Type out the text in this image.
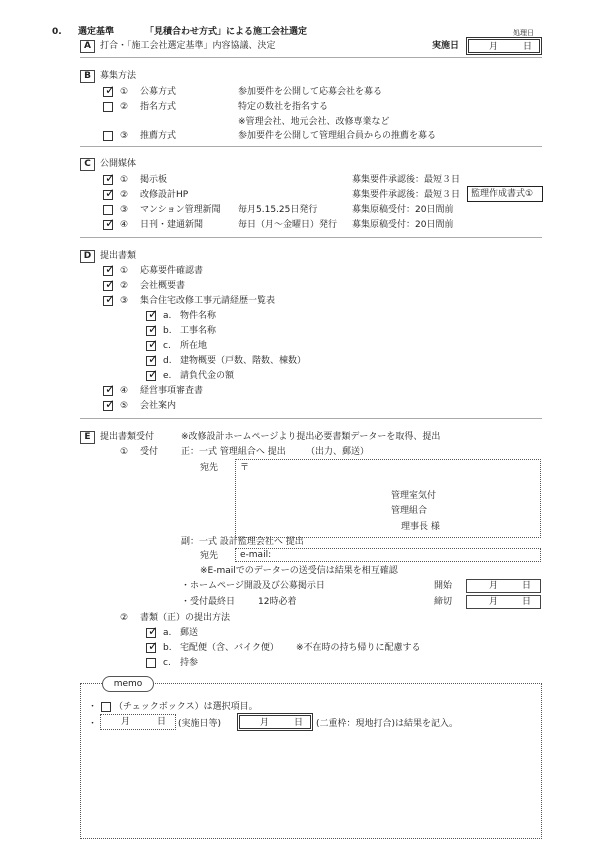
0. 選定基準	「見積合わせ方式」による施工会社選定	処理日
A	打合・「施工会社選定基準」内容協議、決定	実施日	月	日
B	募集方法
✓ ① 公募方式	参加要件を公開して応募会社を募る
② 指名方式	特定の数社を指名する
※管理会社、地元会社、改修専業など
③ 推薦方式	参加要件を公開して管理組合員からの推薦を募る
C	公開媒体
✓ ① 掲示板	募集要件承認後：最短３日
✓ ② 改修設計HP	募集要件承認後：最短３日 監理作成書式①
③ マンション管理新聞 毎月5.15.25日発行	募集原稿受付：20日間前
✓ ④ 日刊・建通新聞	毎日（月～金曜日）発行 募集原稿受付：20日間前
D 提出書類
✓ ① 応募要件確認書
✓ ② 会社概要書
✓ ③ 集合住宅改修工事元請経歴一覧表
✓ a. 物件名称
✓ b. 工事名称
✓ c. 所在地
✓ d. 建物概要（戸数、階数、棟数）
✓ e. 請負代金の額
✓ ④ 経営事項審査書
✓ ⑤ 会社案内
E	提出書類受付	※改修設計ホームページより提出必要書類データーを取得、提出
① 受付	正：一式 管理組合へ 提出 （出力、郵送）
宛先 〒
管理室気付
管理組合
理事長 様
副：一式 設計監理会社へ 提出
宛先 e-mail:
※E-mailでのデーターの送受信は結果を相互確認
・ホームページ開設及び公募掲示日	開始	月	日
・受付最終日	12時必着	締切	月	日
② 書類（正）の提出方法
✓ a. 郵送
✓ b. 宅配便（含、バイク便） ※不在時の持ち帰りに配慮する
c. 持参
memo
・ （チェックボックス）は選択項目。
・	月	日 (実施日等)	月	日 (二重枠：現地打合)は結果を記入。
